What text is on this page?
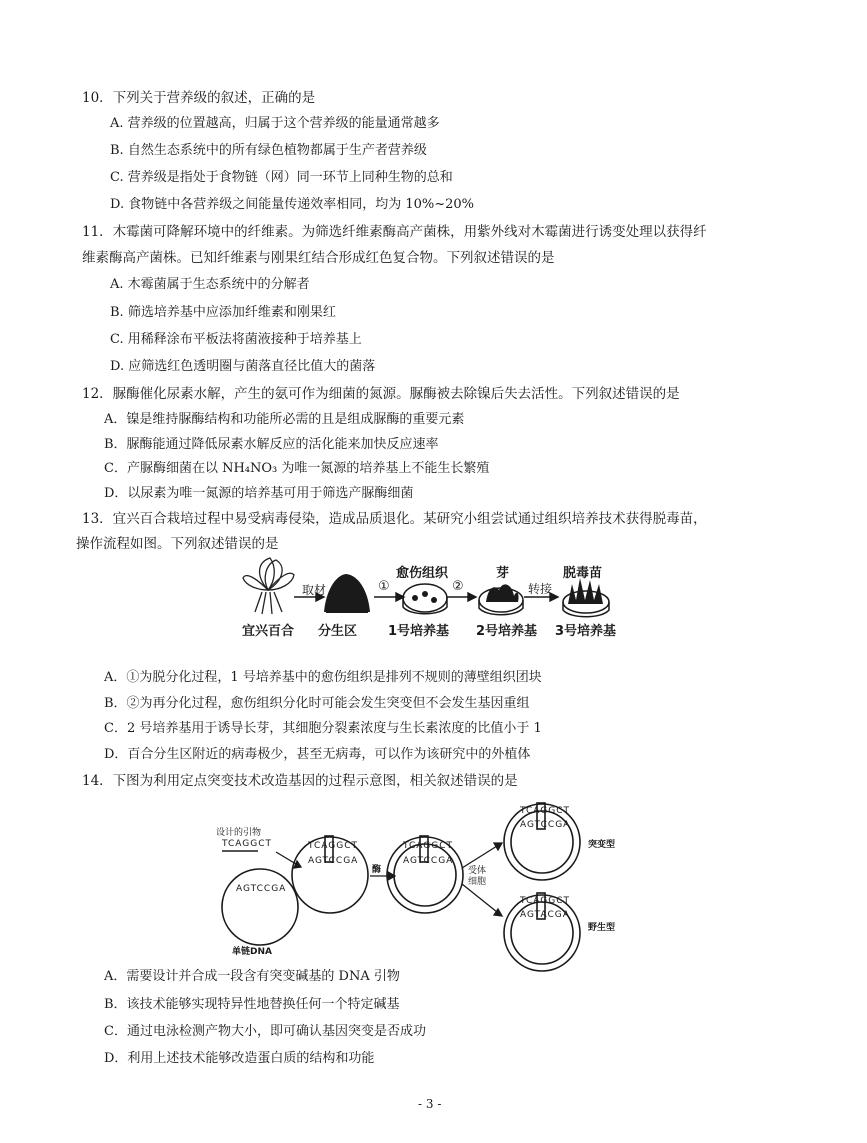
10．下列关于营养级的叙述，正确的是
A. 营养级的位置越高，归属于这个营养级的能量通常越多
B. 自然生态系统中的所有绿色植物都属于生产者营养级
C. 营养级是指处于食物链（网）同一环节上同种生物的总和
D. 食物链中各营养级之间能量传递效率相同，均为 10%~20%
11．木霉菌可降解环境中的纤维素。为筛选纤维素酶高产菌株，用紫外线对木霉菌进行诱变处理以获得纤
维素酶高产菌株。已知纤维素与刚果红结合形成红色复合物。下列叙述错误的是
A. 木霉菌属于生态系统中的分解者
B. 筛选培养基中应添加纤维素和刚果红
C. 用稀释涂布平板法将菌液接种于培养基上
D. 应筛选红色透明圈与菌落直径比值大的菌落
12．脲酶催化尿素水解，产生的氨可作为细菌的氮源。脲酶被去除镍后失去活性。下列叙述错误的是
A．镍是维持脲酶结构和功能所必需的且是组成脲酶的重要元素
B．脲酶能通过降低尿素水解反应的活化能来加快反应速率
C．产脲酶细菌在以 NH₄NO₃ 为唯一氮源的培养基上不能生长繁殖
D．以尿素为唯一氮源的培养基可用于筛选产脲酶细菌
13．宜兴百合栽培过程中易受病毒侵染，造成品质退化。某研究小组尝试通过组织培养技术获得脱毒苗，
操作流程如图。下列叙述错误的是
取材	①	②	转接
愈伤组织	芽	脱毒苗
宜兴百合 分生区 1号培养基 2号培养基 3号培养基
A．①为脱分化过程，1 号培养基中的愈伤组织是排列不规则的薄壁组织团块
B．②为再分化过程，愈伤组织分化时可能会发生突变但不会发生基因重组
C．2 号培养基用于诱导长芽，其细胞分裂素浓度与生长素浓度的比值小于 1
D．百合分生区附近的病毒极少，甚至无病毒，可以作为该研究中的外植体
14．下图为利用定点突变技术改造基因的过程示意图，相关叙述错误的是
设计的引物
TCAGGCT
AGTCCGA
TCAGGCT
AGTCCGA
TCAGGCT
AGTCCGA
TCAGGCT
AGTCCGA
TCAGGCT
AGTACGA
单链DNA
酶	受体细胞
突变型
野生型
A．需要设计并合成一段含有突变碱基的 DNA 引物
B．该技术能够实现特异性地替换任何一个特定碱基
C．通过电泳检测产物大小，即可确认基因突变是否成功
D．利用上述技术能够改造蛋白质的结构和功能
- 3 -
